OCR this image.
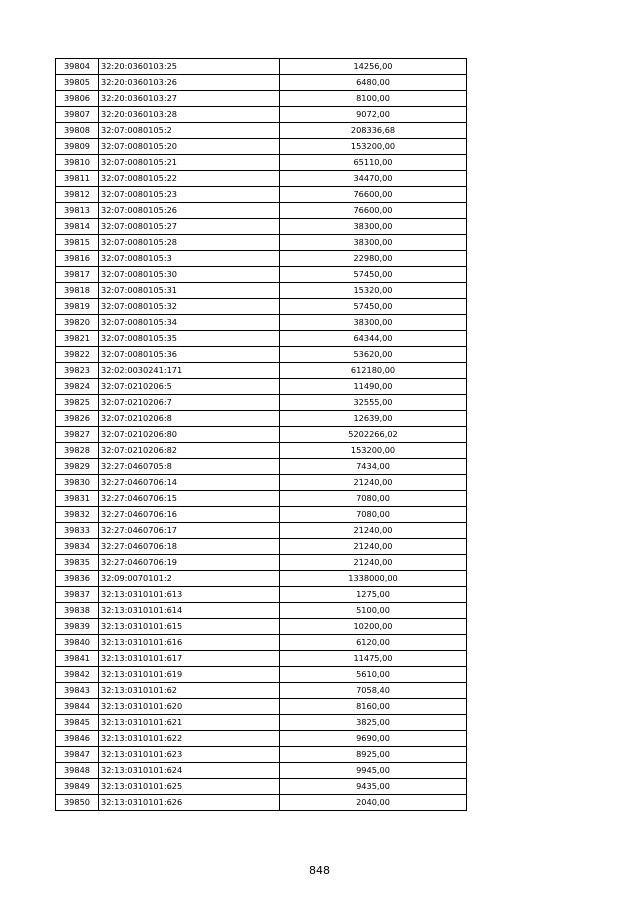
39804	32:20:0360103:25	14256,00
39805	32:20:0360103:26	6480,00
39806	32:20:0360103:27	8100,00
39807	32:20:0360103:28	9072,00
39808	32:07:0080105:2	208336,68
39809	32:07:0080105:20	153200,00
39810	32:07:0080105:21	65110,00
39811	32:07:0080105:22	34470,00
39812	32:07:0080105:23	76600,00
39813	32:07:0080105:26	76600,00
39814	32:07:0080105:27	38300,00
39815	32:07:0080105:28	38300,00
39816	32:07:0080105:3	22980,00
39817	32:07:0080105:30	57450,00
39818	32:07:0080105:31	15320,00
39819	32:07:0080105:32	57450,00
39820	32:07:0080105:34	38300,00
39821	32:07:0080105:35	64344,00
39822	32:07:0080105:36	53620,00
39823	32:02:0030241:171	612180,00
39824	32:07:0210206:5	11490,00
39825	32:07:0210206:7	32555,00
39826	32:07:0210206:8	12639,00
39827	32:07:0210206:80	5202266,02
39828	32:07:0210206:82	153200,00
39829	32:27:0460705:8	7434,00
39830	32:27:0460706:14	21240,00
39831	32:27:0460706:15	7080,00
39832	32:27:0460706:16	7080,00
39833	32:27:0460706:17	21240,00
39834	32:27:0460706:18	21240,00
39835	32:27:0460706:19	21240,00
39836	32:09:0070101:2	1338000,00
39837	32:13:0310101:613	1275,00
39838	32:13:0310101:614	5100,00
39839	32:13:0310101:615	10200,00
39840	32:13:0310101:616	6120,00
39841	32:13:0310101:617	11475,00
39842	32:13:0310101:619	5610,00
39843	32:13:0310101:62	7058,40
39844	32:13:0310101:620	8160,00
39845	32:13:0310101:621	3825,00
39846	32:13:0310101:622	9690,00
39847	32:13:0310101:623	8925,00
39848	32:13:0310101:624	9945,00
39849	32:13:0310101:625	9435,00
39850	32:13:0310101:626	2040,00
848
